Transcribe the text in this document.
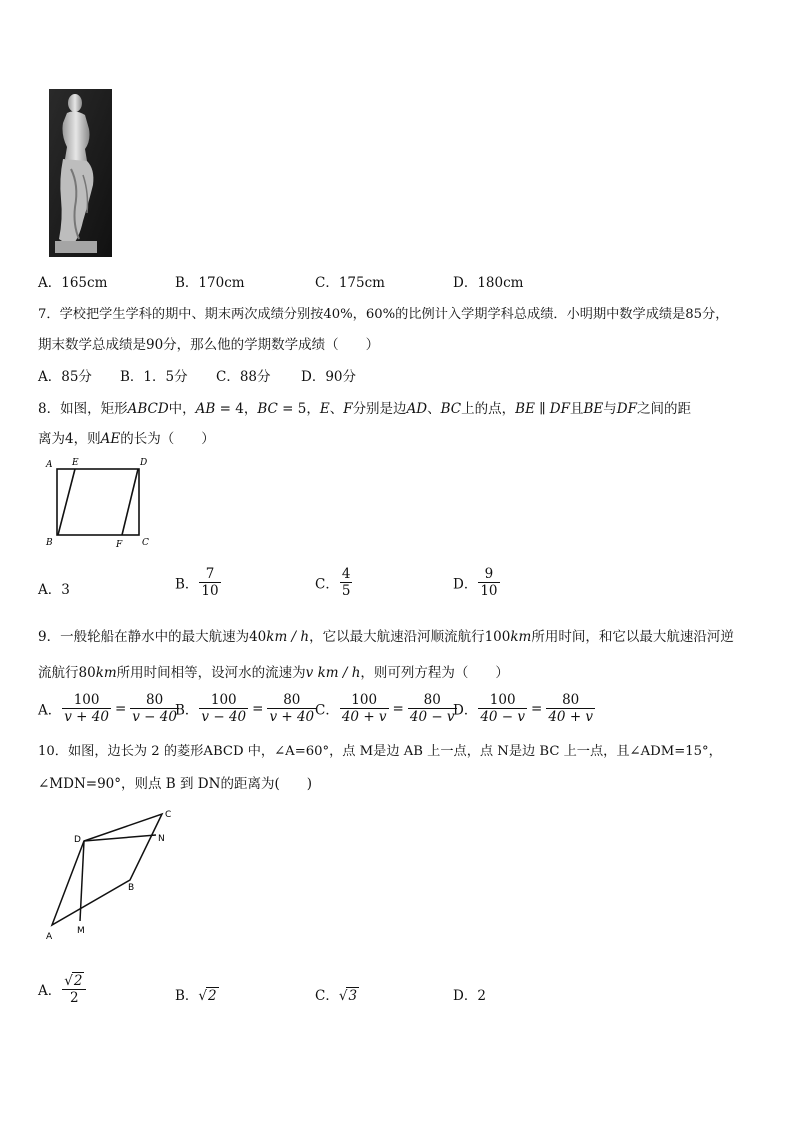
A．165cm	B．170cm	C．175cm	D．180cm
7．学校把学生学科的期中、期末两次成绩分别按40%，60%的比例计入学期学科总成绩．小明期中数学成绩是85分，
期末数学总成绩是90分，那么他的学期数学成绩（　　）
A．85分 B．1．5分 C．88分 D．90分
8．如图，矩形ABCD中，AB = 4，BC = 5，E、F分别是边AD、BC上的点，BE ∥ DF且BE与DF之间的距
离为4，则AE的长为（　　）
A E	D
B	F C
A．3	B． $\frac{7}{10}$	C． $\frac{4}{5}$	D． $\frac{9}{10}$
9．一般轮船在静水中的最大航速为40km / h，它以最大航速沿河顺流航行100km所用时间，和它以最大航速沿河逆
流航行80km所用时间相等，设河水的流速为v km / h，则可列方程为（　　）
A． $\frac{100}{v + 40} = \frac{80}{v - 40}$
B． $\frac{100}{v - 40} = \frac{80}{v + 40}$
C． $\frac{100}{40 + v} = \frac{80}{40 - v}$
D． $\frac{100}{40 - v} = \frac{80}{40 + v}$
10．如图，边长为 2 的菱形ABCD 中，∠A=60°，点 M是边 AB 上一点，点 N是边 BC 上一点，且∠ADM=15°，
∠MDN=90°，则点 B 到 DN的距离为(　　)
C
D	N
B
A
M
A． $\frac{√2}{2}$	B．√2	C．√3	D．2
